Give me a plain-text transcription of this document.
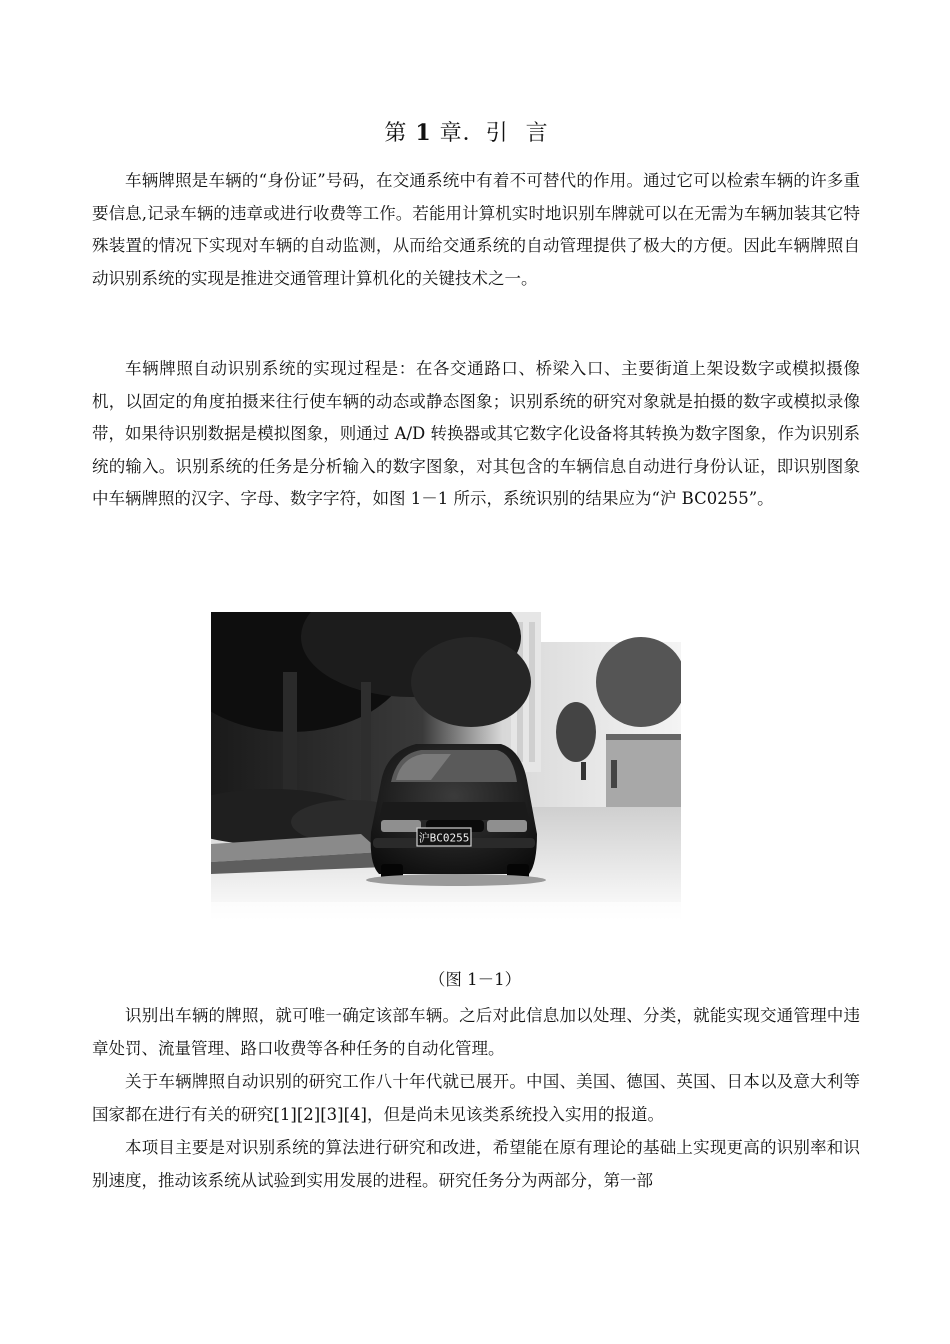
第 1 章．引言

车辆牌照是车辆的“身份证”号码，在交通系统中有着不可替代的作用。通过它可以检索车辆的许多重要信息,记录车辆的违章或进行收费等工作。若能用计算机实时地识别车牌就可以在无需为车辆加装其它特殊装置的情况下实现对车辆的自动监测，从而给交通系统的自动管理提供了极大的方便。因此车辆牌照自动识别系统的实现是推进交通管理计算机化的关键技术之一。

车辆牌照自动识别系统的实现过程是：在各交通路口、桥梁入口、主要街道上架设数字或模拟摄像机，以固定的角度拍摄来往行使车辆的动态或静态图象；识别系统的研究对象就是拍摄的数字或模拟录像带，如果待识别数据是模拟图象，则通过 A/D 转换器或其它数字化设备将其转换为数字图象，作为识别系统的输入。识别系统的任务是分析输入的数字图象，对其包含的车辆信息自动进行身份认证，即识别图象中车辆牌照的汉字、字母、数字字符，如图 1－1 所示，系统识别的结果应为“沪 BC0255”。

沪BC0255
（图 1－1）

识别出车辆的牌照，就可唯一确定该部车辆。之后对此信息加以处理、分类，就能实现交通管理中违章处罚、流量管理、路口收费等各种任务的自动化管理。

关于车辆牌照自动识别的研究工作八十年代就已展开。中国、美国、德国、英国、日本以及意大利等国家都在进行有关的研究[1][2][3][4]，但是尚未见该类系统投入实用的报道。

本项目主要是对识别系统的算法进行研究和改进，希望能在原有理论的基础上实现更高的识别率和识别速度，推动该系统从试验到实用发展的进程。研究任务分为两部分，第一部
